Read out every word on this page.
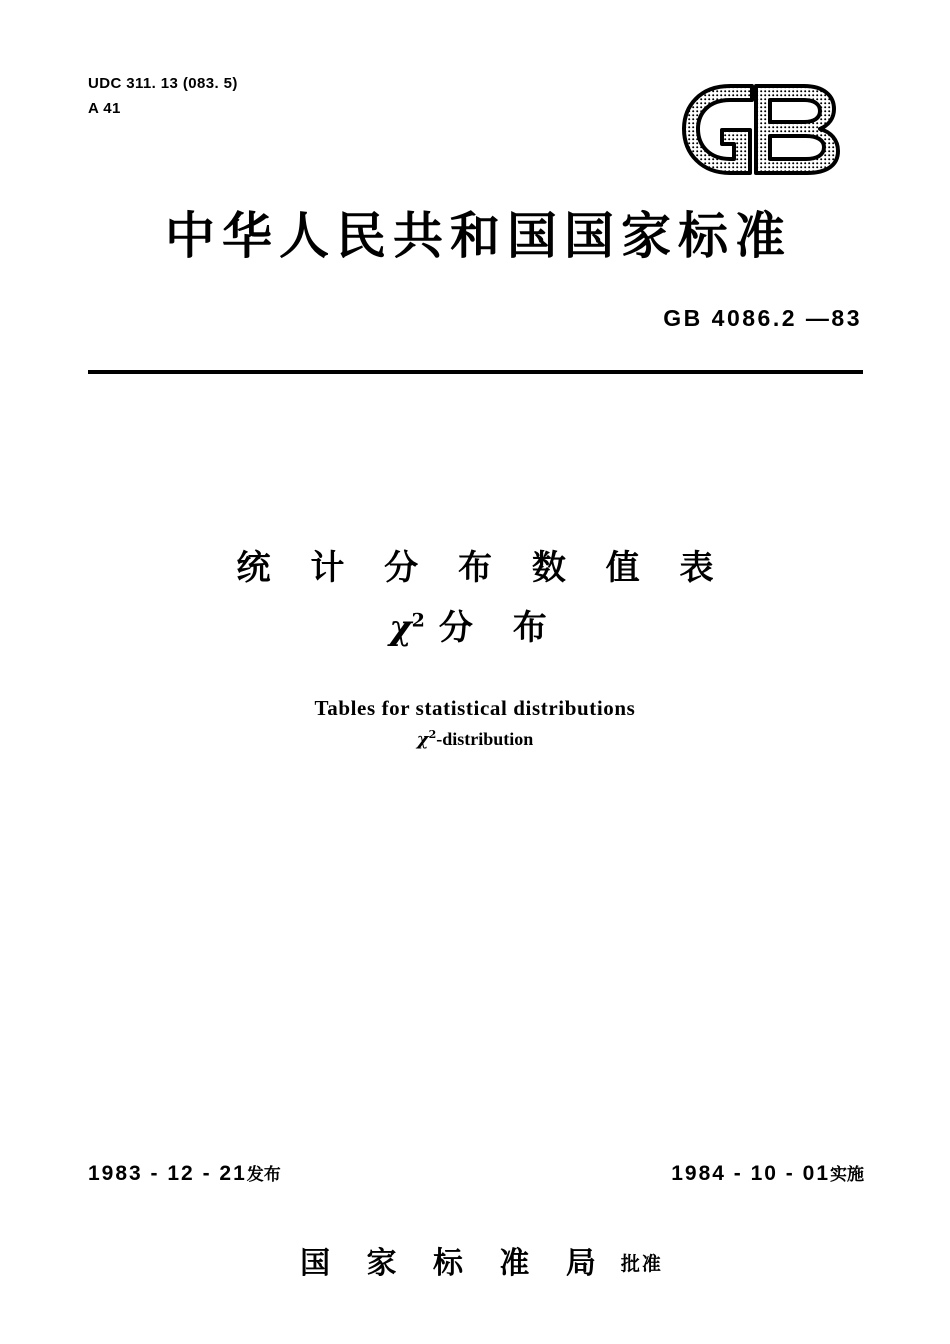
UDC 311. 13 (083. 5)
A 41
中华人民共和国国家标准
GB 4086.2 —83
统 计 分 布 数 值 表
$\chi^2$ 分 布
Tables for statistical distributions
$\chi^2$-distribution
1983 - 12 - 21发布	1984 - 10 - 01实施
国 家 标 准 局 批准
